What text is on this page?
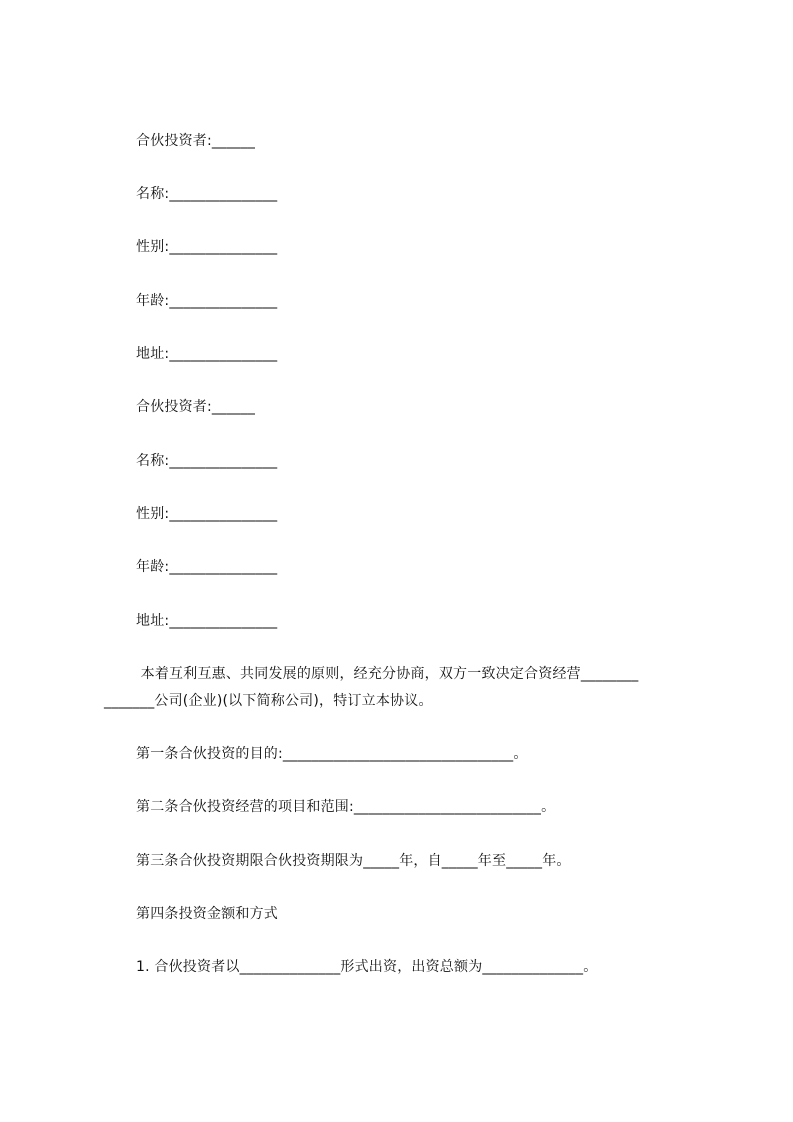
合伙投资者:______
名称:_______________
性别:_______________
年龄:_______________
地址:_______________
合伙投资者:______
名称:_______________
性别:_______________
年龄:_______________
地址:_______________
本着互利互惠、共同发展的原则，经充分协商，双方一致决定合资经营________
_______公司(企业)(以下简称公司)，特订立本协议。
第一条合伙投资的目的:________________________________。
第二条合伙投资经营的项目和范围:__________________________。
第三条合伙投资期限合伙投资期限为_____年，自_____年至_____年。
第四条投资金额和方式
1. 合伙投资者以______________形式出资，出资总额为______________。
